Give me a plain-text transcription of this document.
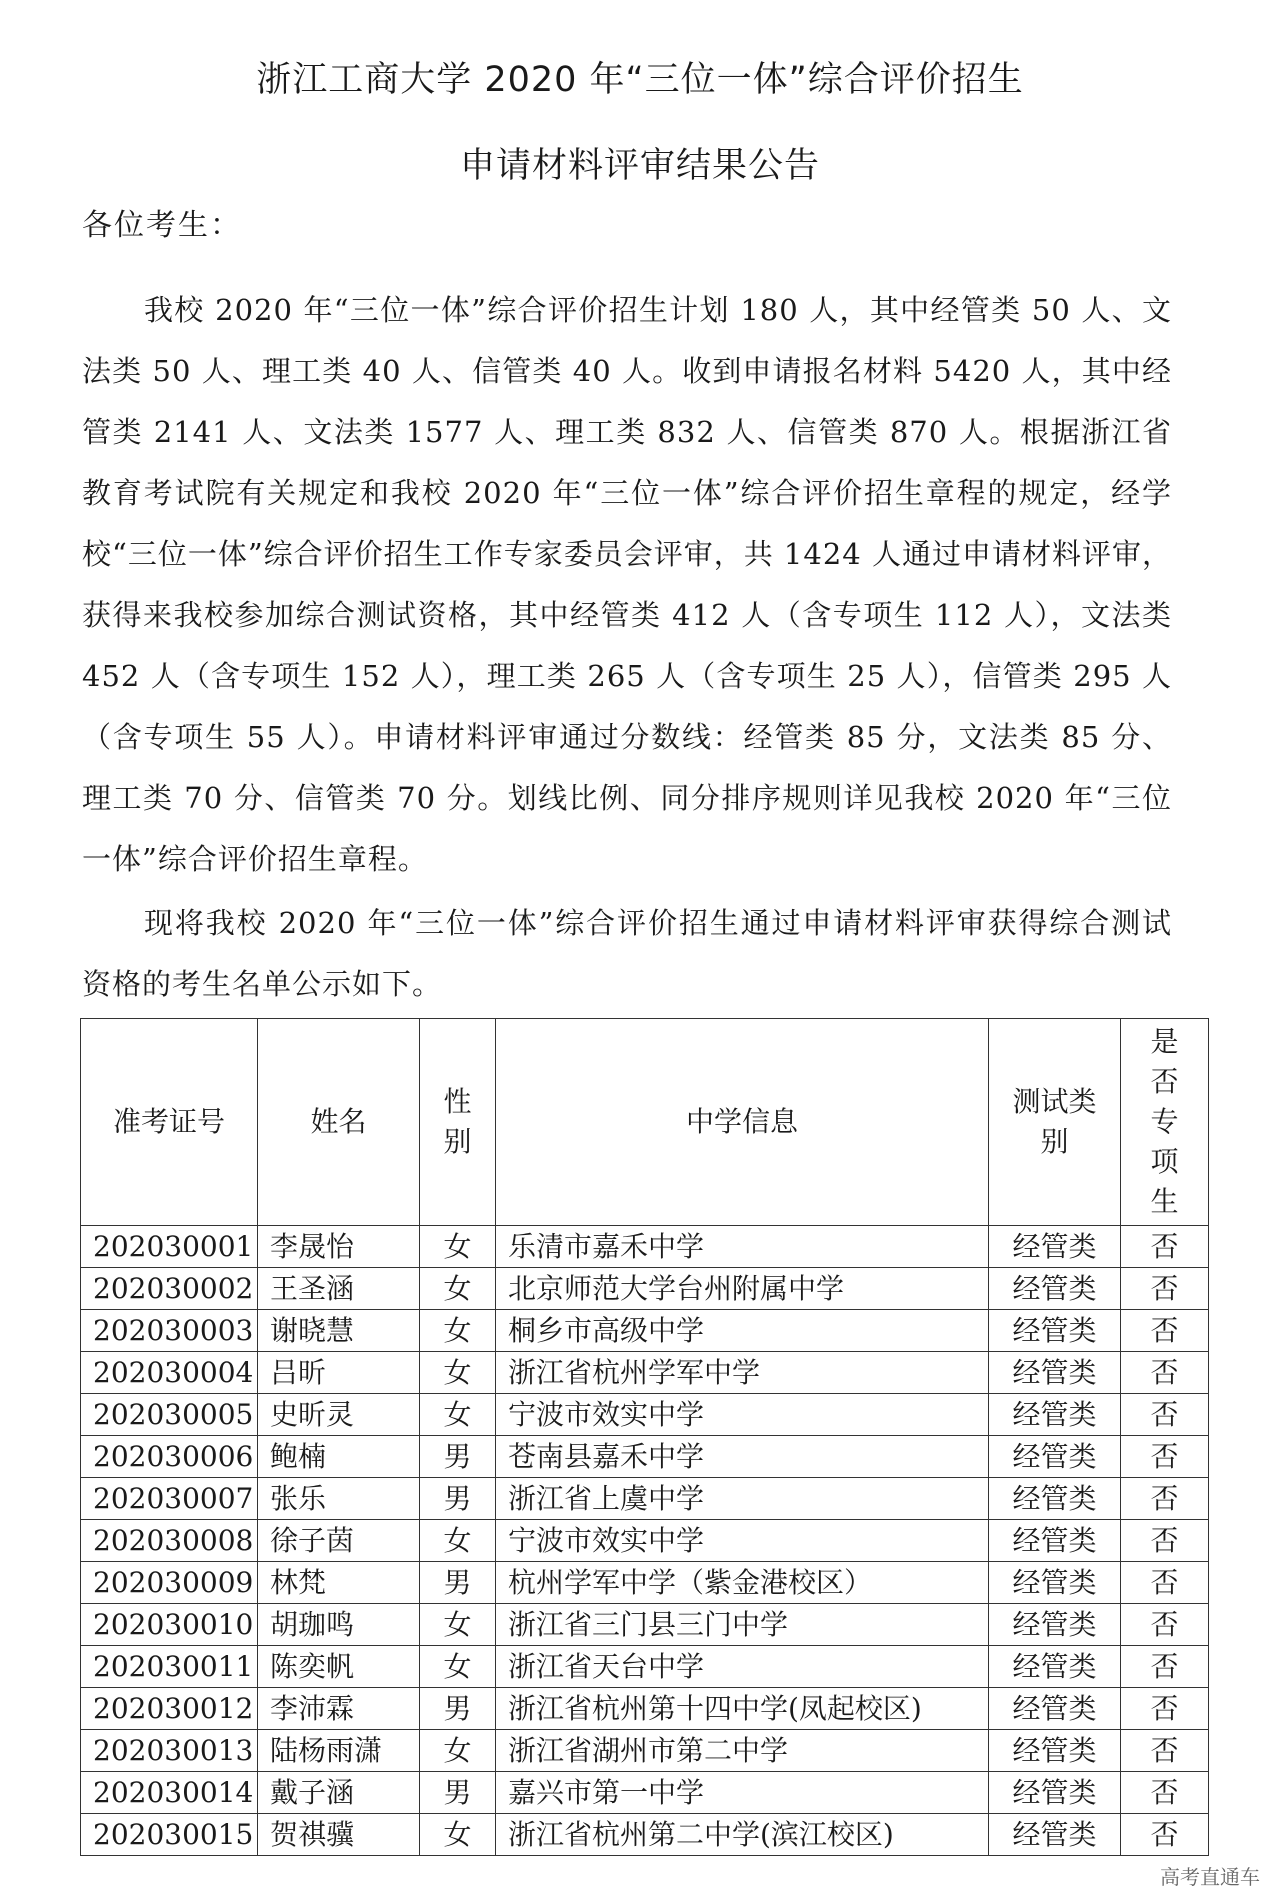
浙江工商大学 2020 年“三位一体”综合评价招生
申请材料评审结果公告
各位考生：
我校 2020 年“三位一体”综合评价招生计划 180 人，其中经管类 50 人、文法类 50 人、理工类 40 人、信管类 40 人。收到申请报名材料 5420 人，其中经管类 2141 人、文法类 1577 人、理工类 832 人、信管类 870 人。根据浙江省教育考试院有关规定和我校 2020 年“三位一体”综合评价招生章程的规定，经学校“三位一体”综合评价招生工作专家委员会评审，共 1424 人通过申请材料评审，获得来我校参加综合测试资格，其中经管类 412 人（含专项生 112 人），文法类 452 人（含专项生 152 人），理工类 265 人（含专项生 25 人），信管类 295 人（含专项生 55 人）。申请材料评审通过分数线：经管类 85 分，文法类 85 分、理工类 70 分、信管类 70 分。划线比例、同分排序规则详见我校 2020 年“三位一体”综合评价招生章程。
现将我校 2020 年“三位一体”综合评价招生通过申请材料评审获得综合测试资格的考生名单公示如下。
准考证号	姓名	性别	中学信息	测试类别	是否专项生

202030001	李晟怡	女	乐清市嘉禾中学	经管类	否
202030002	王圣涵	女	北京师范大学台州附属中学	经管类	否
202030003	谢晓慧	女	桐乡市高级中学	经管类	否
202030004	吕昕	女	浙江省杭州学军中学	经管类	否
202030005	史昕灵	女	宁波市效实中学	经管类	否
202030006	鲍楠	男	苍南县嘉禾中学	经管类	否
202030007	张乐	男	浙江省上虞中学	经管类	否
202030008	徐子茵	女	宁波市效实中学	经管类	否
202030009	林梵	男	杭州学军中学（紫金港校区）	经管类	否
202030010	胡珈鸣	女	浙江省三门县三门中学	经管类	否
202030011	陈奕帆	女	浙江省天台中学	经管类	否
202030012	李沛霖	男	浙江省杭州第十四中学(凤起校区)	经管类	否
202030013	陆杨雨潇	女	浙江省湖州市第二中学	经管类	否
202030014	戴子涵	男	嘉兴市第一中学	经管类	否
202030015	贺祺骥	女	浙江省杭州第二中学(滨江校区)	经管类	否
高考直通车
